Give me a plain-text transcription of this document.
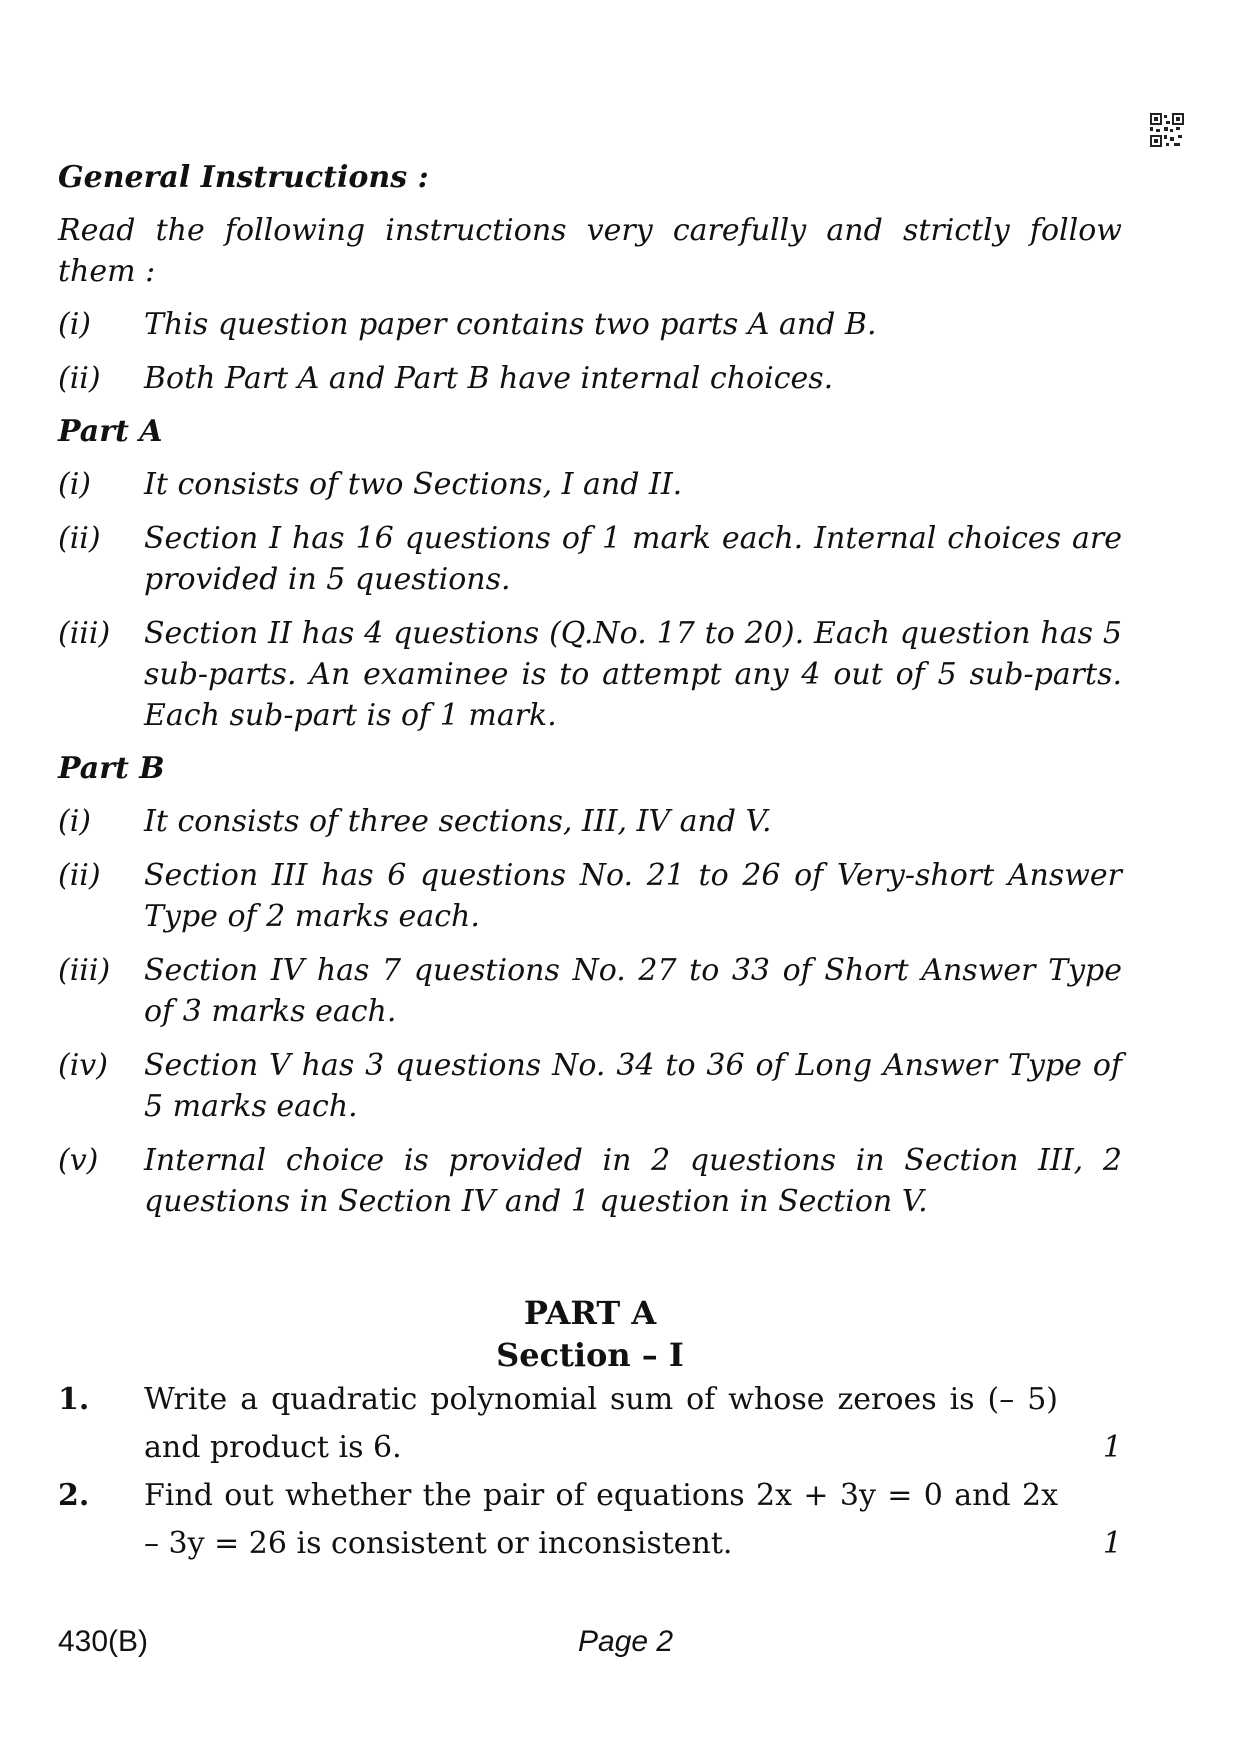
General Instructions :
Read the following instructions very carefully and strictly follow them :
(i)	This question paper contains two parts A and B.
(ii)	Both Part A and Part B have internal choices.
Part A
(i)	It consists of two Sections, I and II.
(ii)	Section I has 16 questions of 1 mark each. Internal choices are provided in 5 questions.
(iii)	Section II has 4 questions (Q.No. 17 to 20). Each question has 5 sub-parts. An examinee is to attempt any 4 out of 5 sub-parts. Each sub-part is of 1 mark.
Part B
(i)	It consists of three sections, III, IV and V.
(ii)	Section III has 6 questions No. 21 to 26 of Very-short Answer Type of 2 marks each.
(iii)	Section IV has 7 questions No. 27 to 33 of Short Answer Type of 3 marks each.
(iv)	Section V has 3 questions No. 34 to 36 of Long Answer Type of 5 marks each.
(v)	Internal choice is provided in 2 questions in Section III, 2 questions in Section IV and 1 question in Section V.
PART A
Section – I
1.	Write a quadratic polynomial sum of whose zeroes is (– 5) and product is 6.	1
2.	Find out whether the pair of equations 2x + 3y = 0 and 2x – 3y = 26 is consistent or inconsistent.	1
430(B)	Page 2
